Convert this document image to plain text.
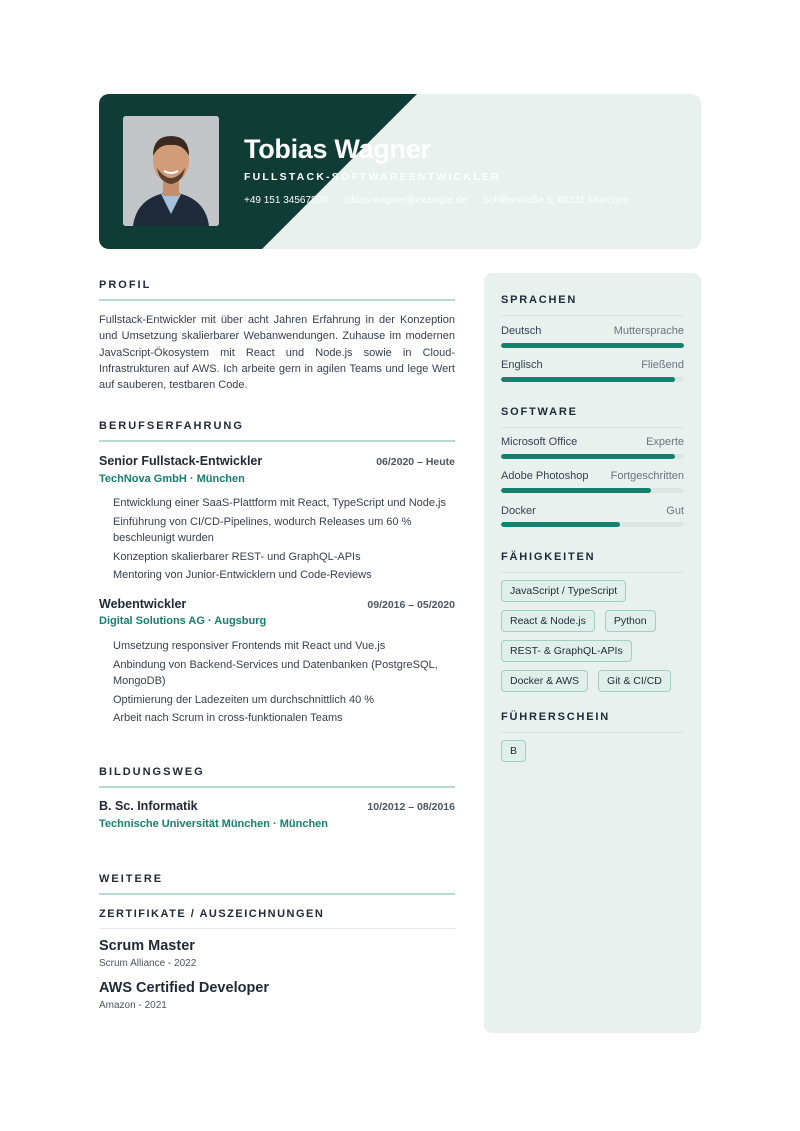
Tobias Wagner
FULLSTACK-SOFTWAREENTWICKLER
+49 151 34567890 · tobias.wagner@example.de · Schillerstraße 5, 80331 München
PROFIL

Fullstack-Entwickler mit über acht Jahren Erfahrung in der Konzeption und Umsetzung skalierbarer Webanwendungen. Zuhause im modernen JavaScript-Ökosystem mit React und Node.js sowie in Cloud-Infrastrukturen auf AWS. Ich arbeite gern in agilen Teams und lege Wert auf sauberen, testbaren Code.

BERUFSERFAHRUNG
Senior Fullstack-Entwickler	06/2020 – Heute
TechNova GmbH · München
Entwicklung einer SaaS-Plattform mit React, TypeScript und Node.js
Einführung von CI/CD-Pipelines, wodurch Releases um 60 % beschleunigt wurden
Konzeption skalierbarer REST- und GraphQL-APIs
Mentoring von Junior-Entwicklern und Code-Reviews
Webentwickler	09/2016 – 05/2020
Digital Solutions AG · Augsburg
Umsetzung responsiver Frontends mit React und Vue.js
Anbindung von Backend-Services und Datenbanken (PostgreSQL, MongoDB)
Optimierung der Ladezeiten um durchschnittlich 40 %
Arbeit nach Scrum in cross-funktionalen Teams
BILDUNGSWEG
B. Sc. Informatik	10/2012 – 08/2016
Technische Universität München · München
WEITERE
ZERTIFIKATE / AUSZEICHNUNGEN
Scrum Master
Scrum Alliance - 2022
AWS Certified Developer
Amazon - 2021
SPRACHEN
Deutsch	Muttersprache
Englisch	Fließend
SOFTWARE
Microsoft Office	Experte
Adobe Photoshop Fortgeschritten
Docker	Gut
FÄHIGKEITEN
JavaScript / TypeScript
React & Node.js	Python
REST- & GraphQL-APIs
Docker & AWS	Git & CI/CD
FÜHRERSCHEIN
B
